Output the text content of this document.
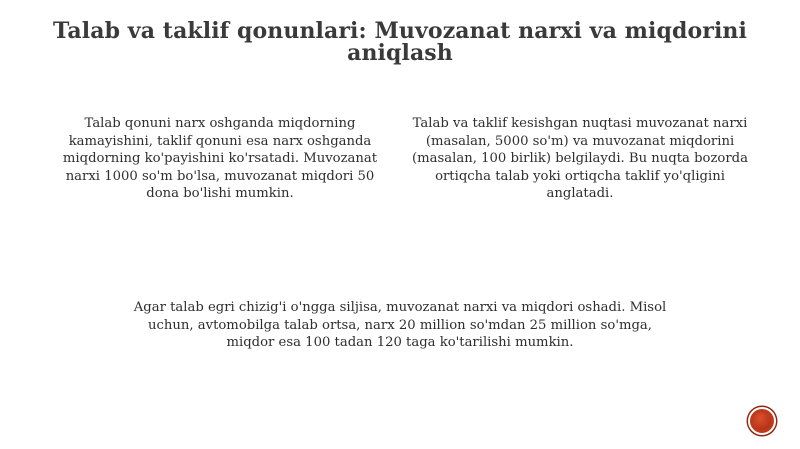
Talab va taklif qonunlari: Muvozanat narxi va miqdorini aniqlash
Talab qonuni narx oshganda miqdorning kamayishini, taklif qonuni esa narx oshganda miqdorning ko'payishini ko'rsatadi. Muvozanat narxi 1000 so'm bo'lsa, muvozanat miqdori 50 dona bo'lishi mumkin.
Talab va taklif kesishgan nuqtasi muvozanat narxi (masalan, 5000 so'm) va muvozanat miqdorini (masalan, 100 birlik) belgilaydi. Bu nuqta bozorda ortiqcha talab yoki ortiqcha taklif yo'qligini anglatadi.
Agar talab egri chizig'i o'ngga siljisa, muvozanat narxi va miqdori oshadi. Misol uchun, avtomobilga talab ortsa, narx 20 million so'mdan 25 million so'mga, miqdor esa 100 tadan 120 taga ko'tarilishi mumkin.
